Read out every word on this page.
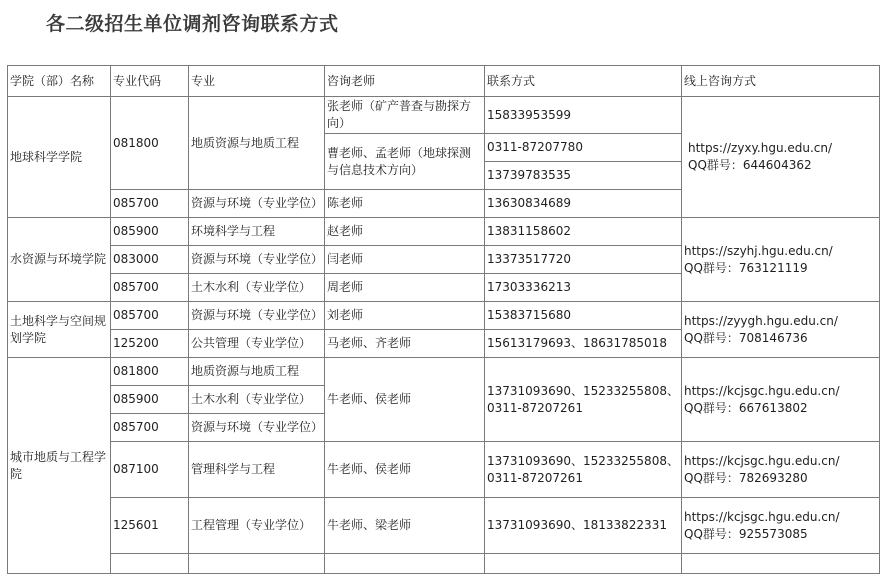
各二级招生单位调剂咨询联系方式
学院（部）名称	专业代码	专业	咨询老师	联系方式	线上咨询方式
地球科学学院	081800	地质资源与地质工程	张老师（矿产普查与勘探方向）	15833953599	https://zyxy.hgu.edu.cn/
QQ群号：644604362

			曹老师、孟老师（地球探测与信息技术方向）	0311-87207780	
				13739783535	
	085700	资源与环境（专业学位）	陈老师	13630834689	
水资源与环境学院	085900	环境科学与工程	赵老师	13831158602	https://szyhj.hgu.edu.cn/
QQ群号：763121119
	083000	资源与环境（专业学位）	闫老师	13373517720	
	085700	土木水利（专业学位）	周老师	17303336213	
土地科学与空间规划学院	085700	资源与环境（专业学位）	刘老师	15383715680	https://zyygh.hgu.edu.cn/
QQ群号：708146736
	125200	公共管理（专业学位）	马老师、齐老师	15613179693、18631785018	
城市地质与工程学院	081800	地质资源与地质工程	牛老师、侯老师	13731093690、15233255808、0311-87207261	https://kcjsgc.hgu.edu.cn/
QQ群号：667613802
	085900	土木水利（专业学位）			
	085700	资源与环境（专业学位）			
	087100	管理科学与工程	牛老师、侯老师	13731093690、15233255808、0311-87207261	https://kcjsgc.hgu.edu.cn/
QQ群号：782693280
	125601	工程管理（专业学位）	牛老师、梁老师	13731093690、18133822331	https://kcjsgc.hgu.edu.cn/
QQ群号：925573085
